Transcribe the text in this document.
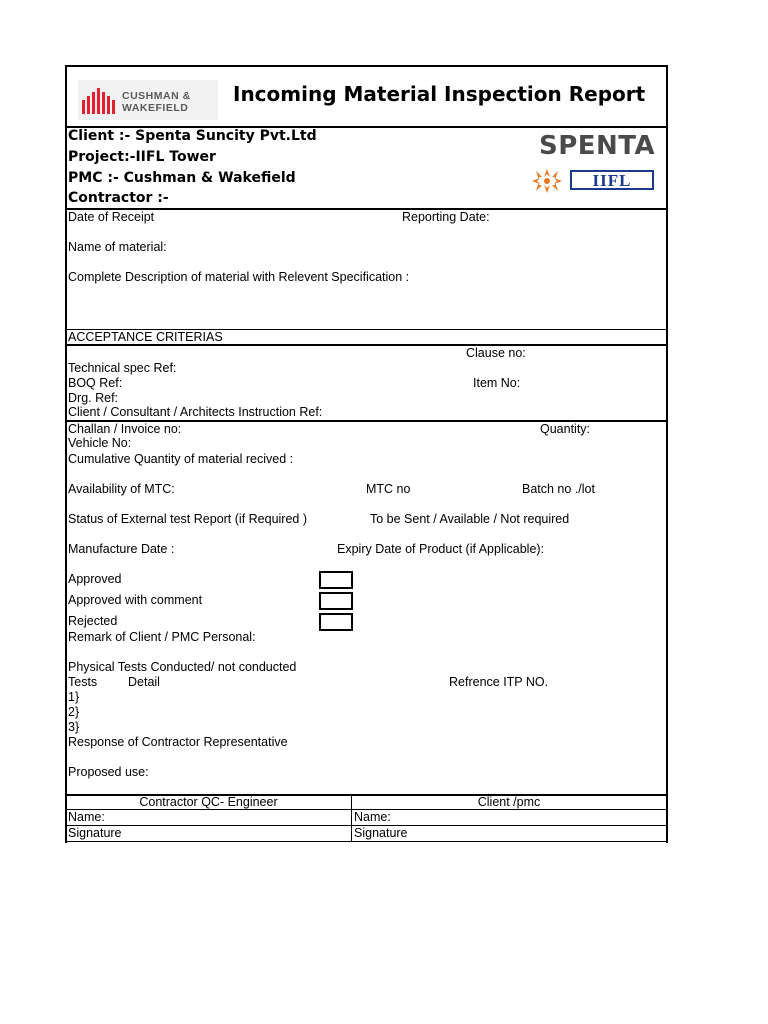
CUSHMAN &
WAKEFIELD
Incoming Material Inspection Report
Client :- Spenta Suncity Pvt.Ltd
Project:-IIFL Tower
PMC :- Cushman & Wakefield
Contractor :-
SPENTA
IIFL
Date of Receipt	Reporting Date:
Name of material:
Complete Description of material with Relevent Specification :
ACCEPTANCE CRITERIAS
Clause no:
Technical spec Ref:
BOQ Ref:	Item No:
Drg. Ref:
Client / Consultant / Architects Instruction Ref:
Challan / Invoice no:	Quantity:
Vehicle No:
Cumulative Quantity of material recived :
Availability of MTC:	MTC no	Batch no ./lot
Status of External test Report (if Required )	To be Sent / Available / Not required
Manufacture Date :	Expiry Date of Product (if Applicable):
Approved
Approved with comment
Rejected
Remark of Client / PMC Personal:
Physical Tests Conducted/ not conducted
Tests Detail	Refrence ITP NO.
1}
2}
3}
Response of Contractor Representative
Proposed use:
Contractor QC- Engineer	Client /pmc
Name:	Name:
Signature	Signature
